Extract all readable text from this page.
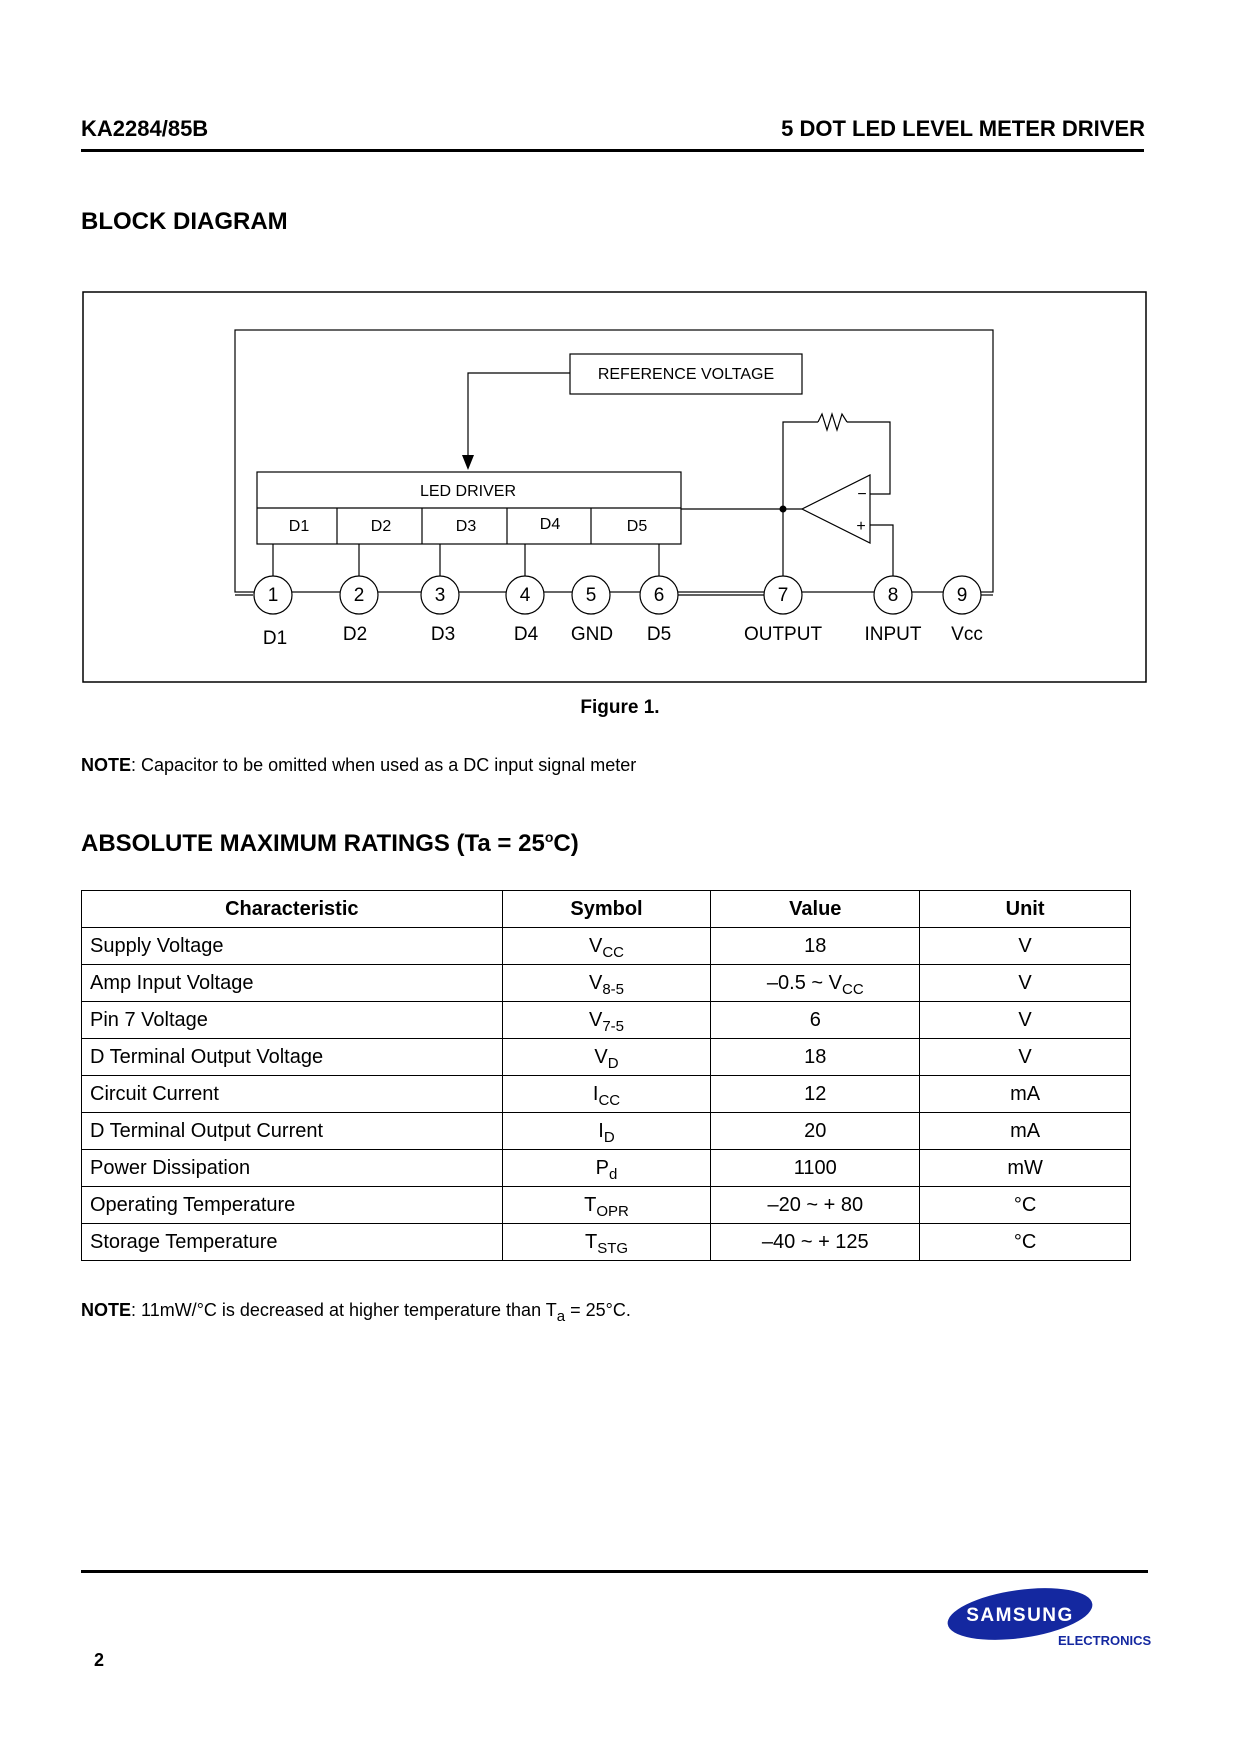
KA2284/85B	5 DOT LED LEVEL METER DRIVER
BLOCK DIAGRAM
REFERENCE VOLTAGE
LED DRIVER
D1	D2	D3	D4	D5
−
+
1
D1
2
D2
3
D3
4
D4
5
GND
6
D5
7
OUTPUT
8
INPUT
9
Vcc
Figure 1.
NOTE: Capacitor to be omitted when used as a DC input signal meter
ABSOLUTE MAXIMUM RATINGS $(Ta = 25^oC)$
Characteristic	Symbol	Value	Unit
Supply Voltage	$V_{CC}$	18	V
Amp Input Voltage	$V_{8-5}$	–0.5 ~ $V_{CC}$	V
Pin 7 Voltage	$V_{7-5}$	6	V
D Terminal Output Voltage	$V_D$	18	V
Circuit Current	$I_{CC}$	12	mA
D Terminal Output Current	$I_D$	20	mA
Power Dissipation	$P_d$	1100	mW
Operating Temperature	$T_{OPR}$	–20 ~ + 80	°C
Storage Temperature	$T_{STG}$	–40 ~ + 125	°C
NOTE: 11mW/°C is decreased at higher temperature than $T_a = 25^\circ C$.
2
SAMSUNG
ELECTRONICS
